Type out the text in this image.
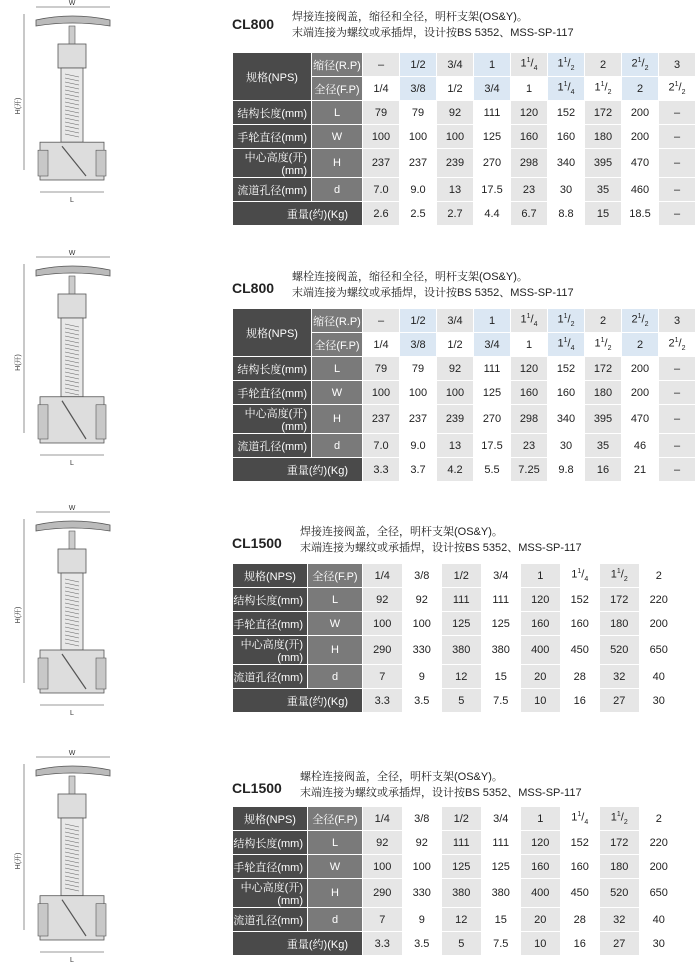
W
H(开)
L
CL800 焊接连接阀盖，缩径和全径，明杆支架(OS&Y)。
末端连接为螺纹或承插焊，设计按BS 5352、MSS-SP-117
规格(NPS)	缩径(R.P)	–	1/2	3/4	1	$1^1/_4$	$1^1/_2$	2	$2^1/_2$	3
	全径(F.P)	1/4	3/8	1/2	3/4	1	$1^1/_4$	$1^1/_2$	2	$2^1/_2$
结构长度(mm)	L	79	79	92	111	120	152	172	200	–
手轮直径(mm)	W	100	100	100	125	160	160	180	200	–
中心高度(开)(mm)	H	237	237	239	270	298	340	395	470	–
流道孔径(mm)	d	7.0	9.0	13	17.5	23	30	35	460	–
重量(约)(Kg)		2.6	2.5	2.7	4.4	6.7	8.8	15	18.5	–
W
H(开)
L
CL800
螺栓连接阀盖，缩径和全径，明杆支架(OS&Y)。
末端连接为螺纹或承插焊，设计按BS 5352、MSS-SP-117
规格(NPS)	缩径(R.P)	–	1/2	3/4	1	$1^1/_4$	$1^1/_2$	2	$2^1/_2$	3
	全径(F.P)	1/4	3/8	1/2	3/4	1	$1^1/_4$	$1^1/_2$	2	$2^1/_2$
结构长度(mm)	L	79	79	92	111	120	152	172	200	–
手轮直径(mm)	W	100	100	100	125	160	160	180	200	–
中心高度(开)(mm)	H	237	237	239	270	298	340	395	470	–
流道孔径(mm)	d	7.0	9.0	13	17.5	23	30	35	46	–
重量(约)(Kg)		3.3	3.7	4.2	5.5	7.25	9.8	16	21	–
W
H(开)
L
CL1500
焊接连接阀盖，全径，明杆支架(OS&Y)。
末端连接为螺纹或承插焊，设计按BS 5352、MSS-SP-117
规格(NPS)	全径(F.P)	1/4	3/8	1/2	3/4	1	$1^1/_4$	$1^1/_2$	2
结构长度(mm)	L	92	92	111	111	120	152	172	220
手轮直径(mm)	W	100	100	125	125	160	160	180	200
中心高度(开)(mm)	H	290	330	380	380	400	450	520	650
流道孔径(mm)	d	7	9	12	15	20	28	32	40
重量(约)(Kg)		3.3	3.5	5	7.5	10	16	27	30
W
H(开)
L
CL1500
螺栓连接阀盖，全径，明杆支架(OS&Y)。
末端连接为螺纹或承插焊，设计按BS 5352、MSS-SP-117
规格(NPS)	全径(F.P)	1/4	3/8	1/2	3/4	1	$1^1/_4$	$1^1/_2$	2
结构长度(mm)	L	92	92	111	111	120	152	172	220
手轮直径(mm)	W	100	100	125	125	160	160	180	200
中心高度(开)(mm)	H	290	330	380	380	400	450	520	650
流道孔径(mm)	d	7	9	12	15	20	28	32	40
重量(约)(Kg)		3.3	3.5	5	7.5	10	16	27	30
